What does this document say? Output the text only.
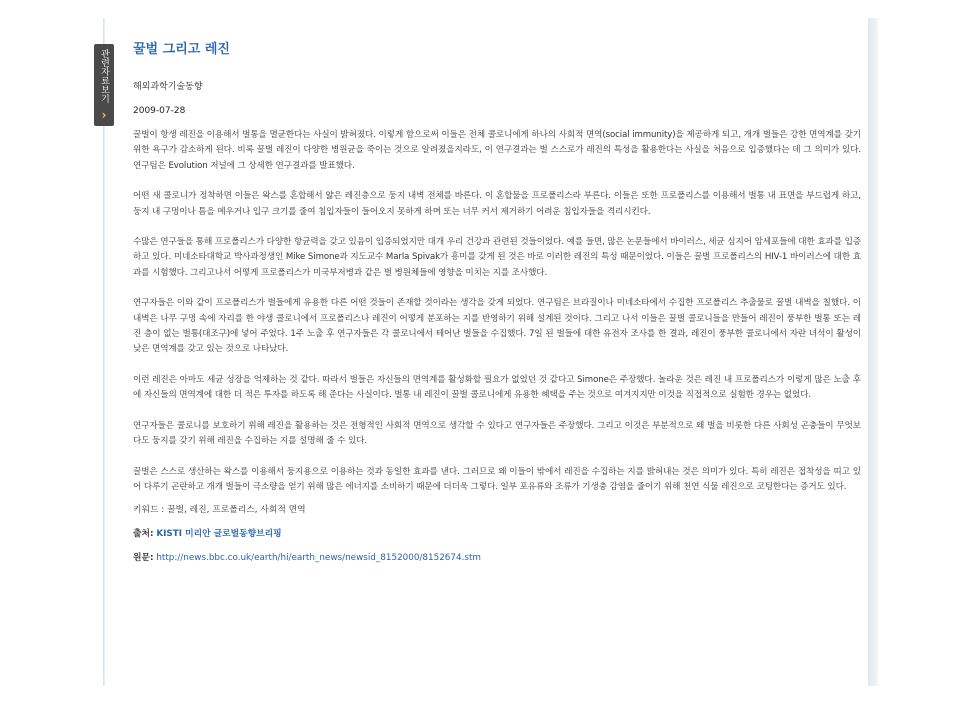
관련자료보기
›
꿀벌 그리고 레진
해외과학기술동향
2009-07-28
꿀벌이 항생 레진을 이용해서 벌통을 멸균한다는 사실이 밝혀졌다. 이렇게 함으로써 이들은 전체 콜로니에게 하나의 사회적 면역(social immunity)을 제공하게 되고, 개개 벌들은 강한 면역계를 갖기 위한 욕구가 감소하게 된다. 비록 꿀벌 레진이 다양한 병원균을 죽이는 것으로 알려졌을지라도, 이 연구결과는 벌 스스로가 레진의 특성을 활용한다는 사실을 처음으로 입증했다는 데 그 의미가 있다. 연구팀은 Evolution 저널에 그 상세한 연구결과를 발표했다.
어떤 새 콜로니가 정착하면 이들은 왁스를 혼합해서 얇은 레진층으로 둥지 내벽 전체를 바른다. 이 혼합물을 프로폴리스라 부른다. 이들은 또한 프로폴리스를 이용해서 벌통 내 표면을 부드럽게 하고, 둥지 내 구멍이나 틈을 메우거나 입구 크기를 줄여 침입자들이 들어오지 못하게 하며 또는 너무 커서 제거하기 어려운 침입자들을 격리시킨다.
수많은 연구들을 통해 프로폴리스가 다양한 항균력을 갖고 있음이 입증되었지만 대개 우리 건강과 관련된 것들이었다. 예를 들면, 많은 논문들에서 바이러스, 세균 심지어 암세포들에 대한 효과를 입증하고 있다. 미네소타대학교 박사과정생인 Mike Simone과 지도교수 Marla Spivak가 흥미를 갖게 된 것은 바로 이러한 레진의 특성 때문이었다. 이들은 꿀벌 프로폴리스의 HIV-1 바이러스에 대한 효과를 시험했다. 그리고나서 어떻게 프로폴리스가 미국부저병과 같은 벌 병원체들에 영향을 미치는 지를 조사했다.
연구자들은 이와 같이 프로폴리스가 벌들에게 유용한 다른 어떤 것들이 존재할 것이라는 생각을 갖게 되었다. 연구팀은 브라질이나 미네소타에서 수집한 프로폴리스 추출물로 꿀벌 내벽을 칠했다. 이 내벽은 나무 구멍 속에 자리를 한 야생 콜로니에서 프로폴리스나 레진이 어떻게 분포하는 지를 반영하기 위해 설계된 것이다. 그리고 나서 이들은 꿀벌 콜로니들을 만들어 레진이 풍부한 벌통 또는 레진 층이 없는 벌통(대조구)에 넣어 주었다. 1주 노출 후 연구자들은 각 콜로니에서 테어난 벌들을 수집했다. 7일 된 벌들에 대한 유전자 조사를 한 결과, 레진이 풍부한 콜로니에서 자란 녀석이 활성이 낮은 면역계를 갖고 있는 것으로 나타났다.
이런 레진은 아마도 세균 성장을 억제하는 것 같다. 따라서 벌들은 자신들의 면역계를 활성화할 필요가 없었던 것 같다고 Simone은 주장했다. 놀라운 것은 레진 내 프로폴리스가 이렇게 많은 노출 후에 자신들의 면역계에 대한 더 적은 투자를 하도록 해 준다는 사실이다. 벌통 내 레진이 꿀벌 콜로니에게 유용한 혜택을 주는 것으로 여겨지지만 이것을 직접적으로 실험한 경우는 없었다.
연구자들은 콜로니를 보호하기 위해 레진을 활용하는 것은 전형적인 사회적 면역으로 생각할 수 있다고 연구자들은 주장했다. 그리고 이것은 부분적으로 왜 벌을 비롯한 다른 사회성 곤충들이 무엇보다도 둥지를 갖기 위해 레진을 수집하는 지를 설명해 줄 수 있다.
꿀벌은 스스로 생산하는 왁스를 이용해서 둥지용으로 이용하는 것과 동일한 효과를 낸다. 그러므로 왜 이들이 밖에서 레진을 수집하는 지를 밝혀내는 것은 의미가 있다. 특히 레진은 접착성을 띠고 있어 다루기 곤란하고 개개 벌들이 극소량을 얻기 위해 많은 에너지를 소비하기 때문에 더더욱 그렇다. 일부 포유류와 조류가 기생충 감염을 줄이기 위해 천연 식물 레진으로 코팅한다는 증거도 있다.
키워드 : 꿀벌, 레진, 프로폴리스, 사회적 면역
출처: KISTI 미리안 글로벌동향브리핑
원문: http://news.bbc.co.uk/earth/hi/earth_news/newsid_8152000/8152674.stm
